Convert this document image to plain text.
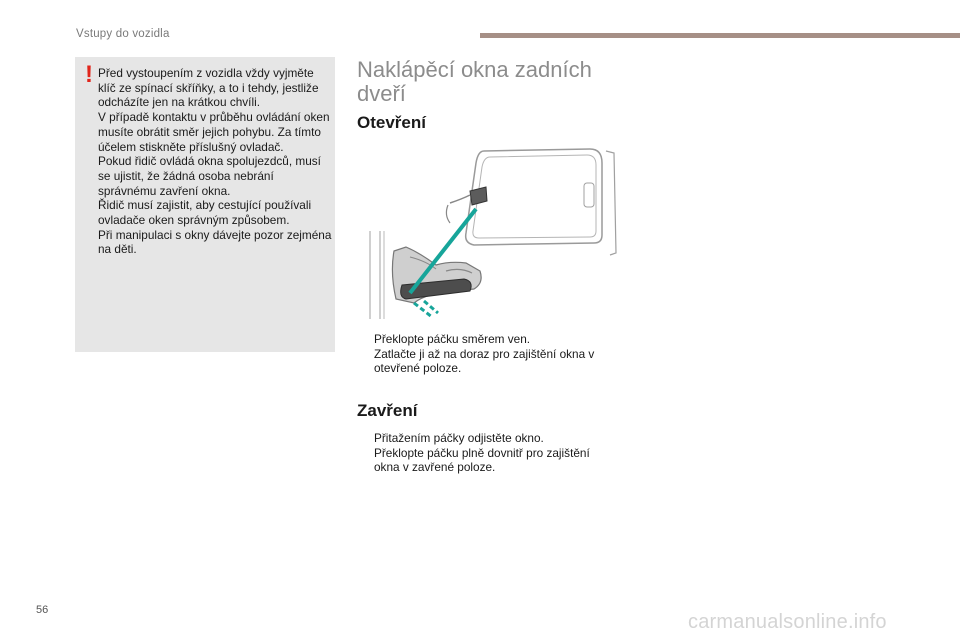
Vstupy do vozidla
! Před vystoupením z vozidla vždy vyjměte klíč ze spínací skříňky, a to i tehdy, jestliže odcházíte jen na krátkou chvíli.

V případě kontaktu v průběhu ovládání oken musíte obrátit směr jejich pohybu. Za tímto účelem stiskněte příslušný ovladač.

Pokud řidič ovládá okna spolujezdců, musí se ujistit, že žádná osoba nebrání správnému zavření okna.

Řidič musí zajistit, aby cestující používali ovladače oken správným způsobem.

Při manipulaci s okny dávejte pozor zejména na děti.

Naklápěcí okna zadních dveří
Otevření
Překlopte páčku směrem ven.
Zatlačte ji až na doraz pro zajištění okna v otevřené poloze.
Zavření
Přitažením páčky odjistěte okno.
Překlopte páčku plně dovnitř pro zajištění okna v zavřené poloze.
56
carmanualsonline.info
